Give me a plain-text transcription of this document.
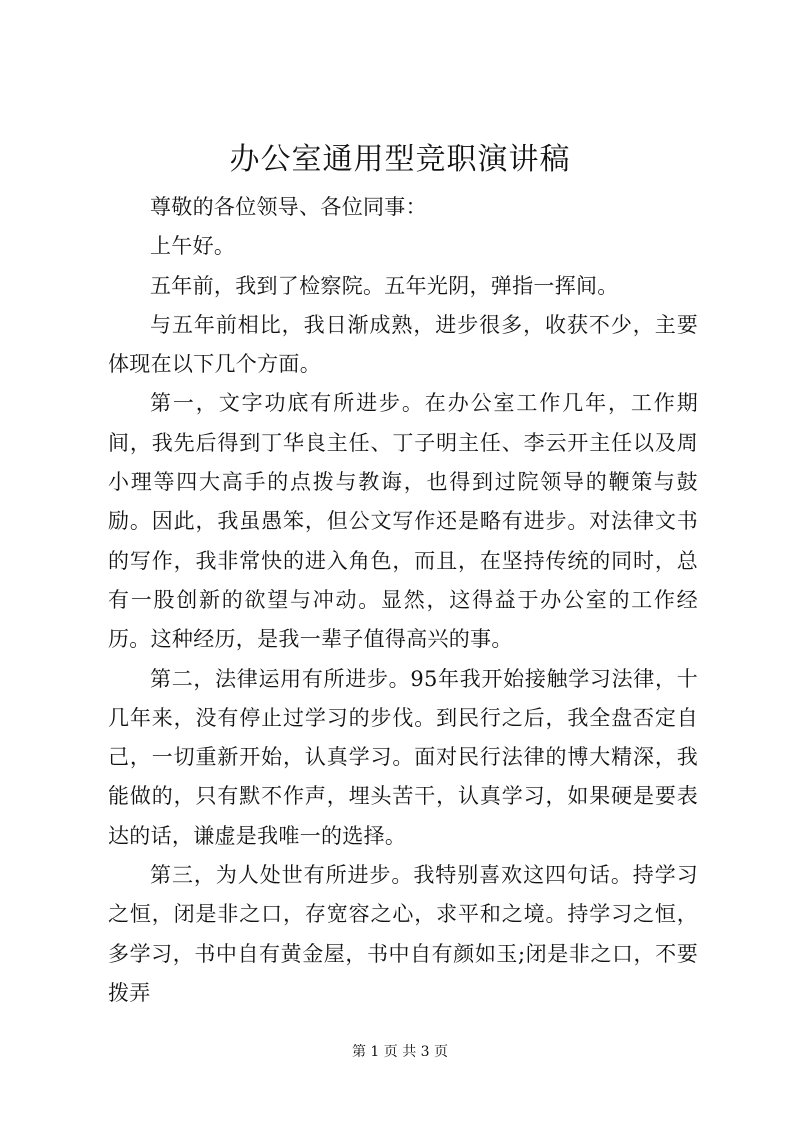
办公室通用型竞职演讲稿

尊敬的各位领导、各位同事：

上午好。

五年前，我到了检察院。五年光阴，弹指一挥间。

与五年前相比，我日渐成熟，进步很多，收获不少，主要体现在以下几个方面。

第一，文字功底有所进步。在办公室工作几年，工作期间，我先后得到丁华良主任、丁子明主任、李云开主任以及周小理等四大高手的点拨与教诲，也得到过院领导的鞭策与鼓励。因此，我虽愚笨，但公文写作还是略有进步。对法律文书的写作，我非常快的进入角色，而且，在坚持传统的同时，总有一股创新的欲望与冲动。显然，这得益于办公室的工作经历。这种经历，是我一辈子值得高兴的事。

第二，法律运用有所进步。95年我开始接触学习法律，十几年来，没有停止过学习的步伐。到民行之后，我全盘否定自己，一切重新开始，认真学习。面对民行法律的博大精深，我能做的，只有默不作声，埋头苦干，认真学习，如果硬是要表达的话，谦虚是我唯一的选择。

第三，为人处世有所进步。我特别喜欢这四句话。持学习之恒，闭是非之口，存宽容之心，求平和之境。持学习之恒，多学习，书中自有黄金屋，书中自有颜如玉;闭是非之口，不要拨弄

第 1 页 共 3 页
